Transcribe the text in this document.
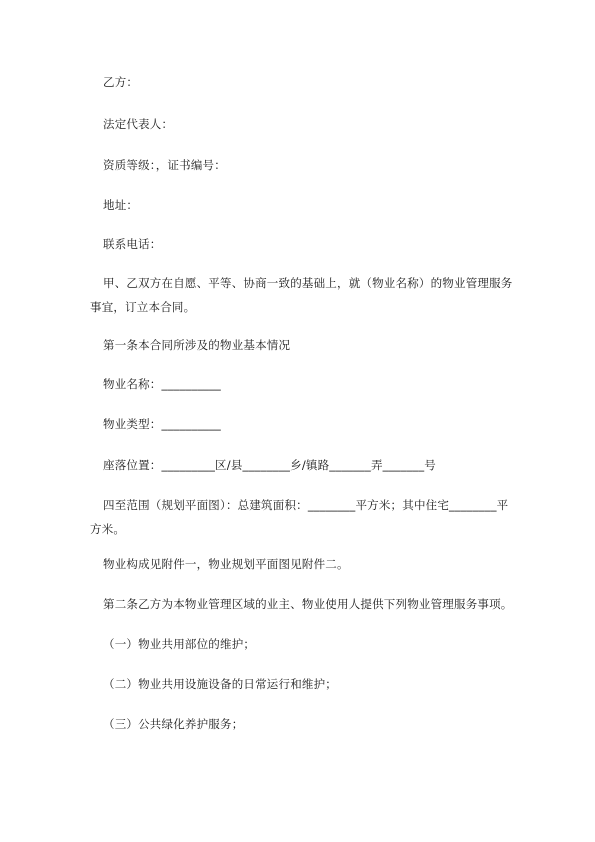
乙方：
法定代表人：
资质等级：，证书编号：
地址：
联系电话：
甲、乙双方在自愿、平等、协商一致的基础上，就（物业名称）的物业管理服务
事宜，订立本合同。
第一条本合同所涉及的物业基本情况
物业名称：__________
物业类型：__________
座落位置：_________区/县________乡/镇路_______弄_______号
四至范围（规划平面图）：总建筑面积：________平方米；其中住宅________平
方米。
物业构成见附件一，物业规划平面图见附件二。
第二条乙方为本物业管理区域的业主、物业使用人提供下列物业管理服务事项。
（一）物业共用部位的维护；
（二）物业共用设施设备的日常运行和维护；
（三）公共绿化养护服务；
